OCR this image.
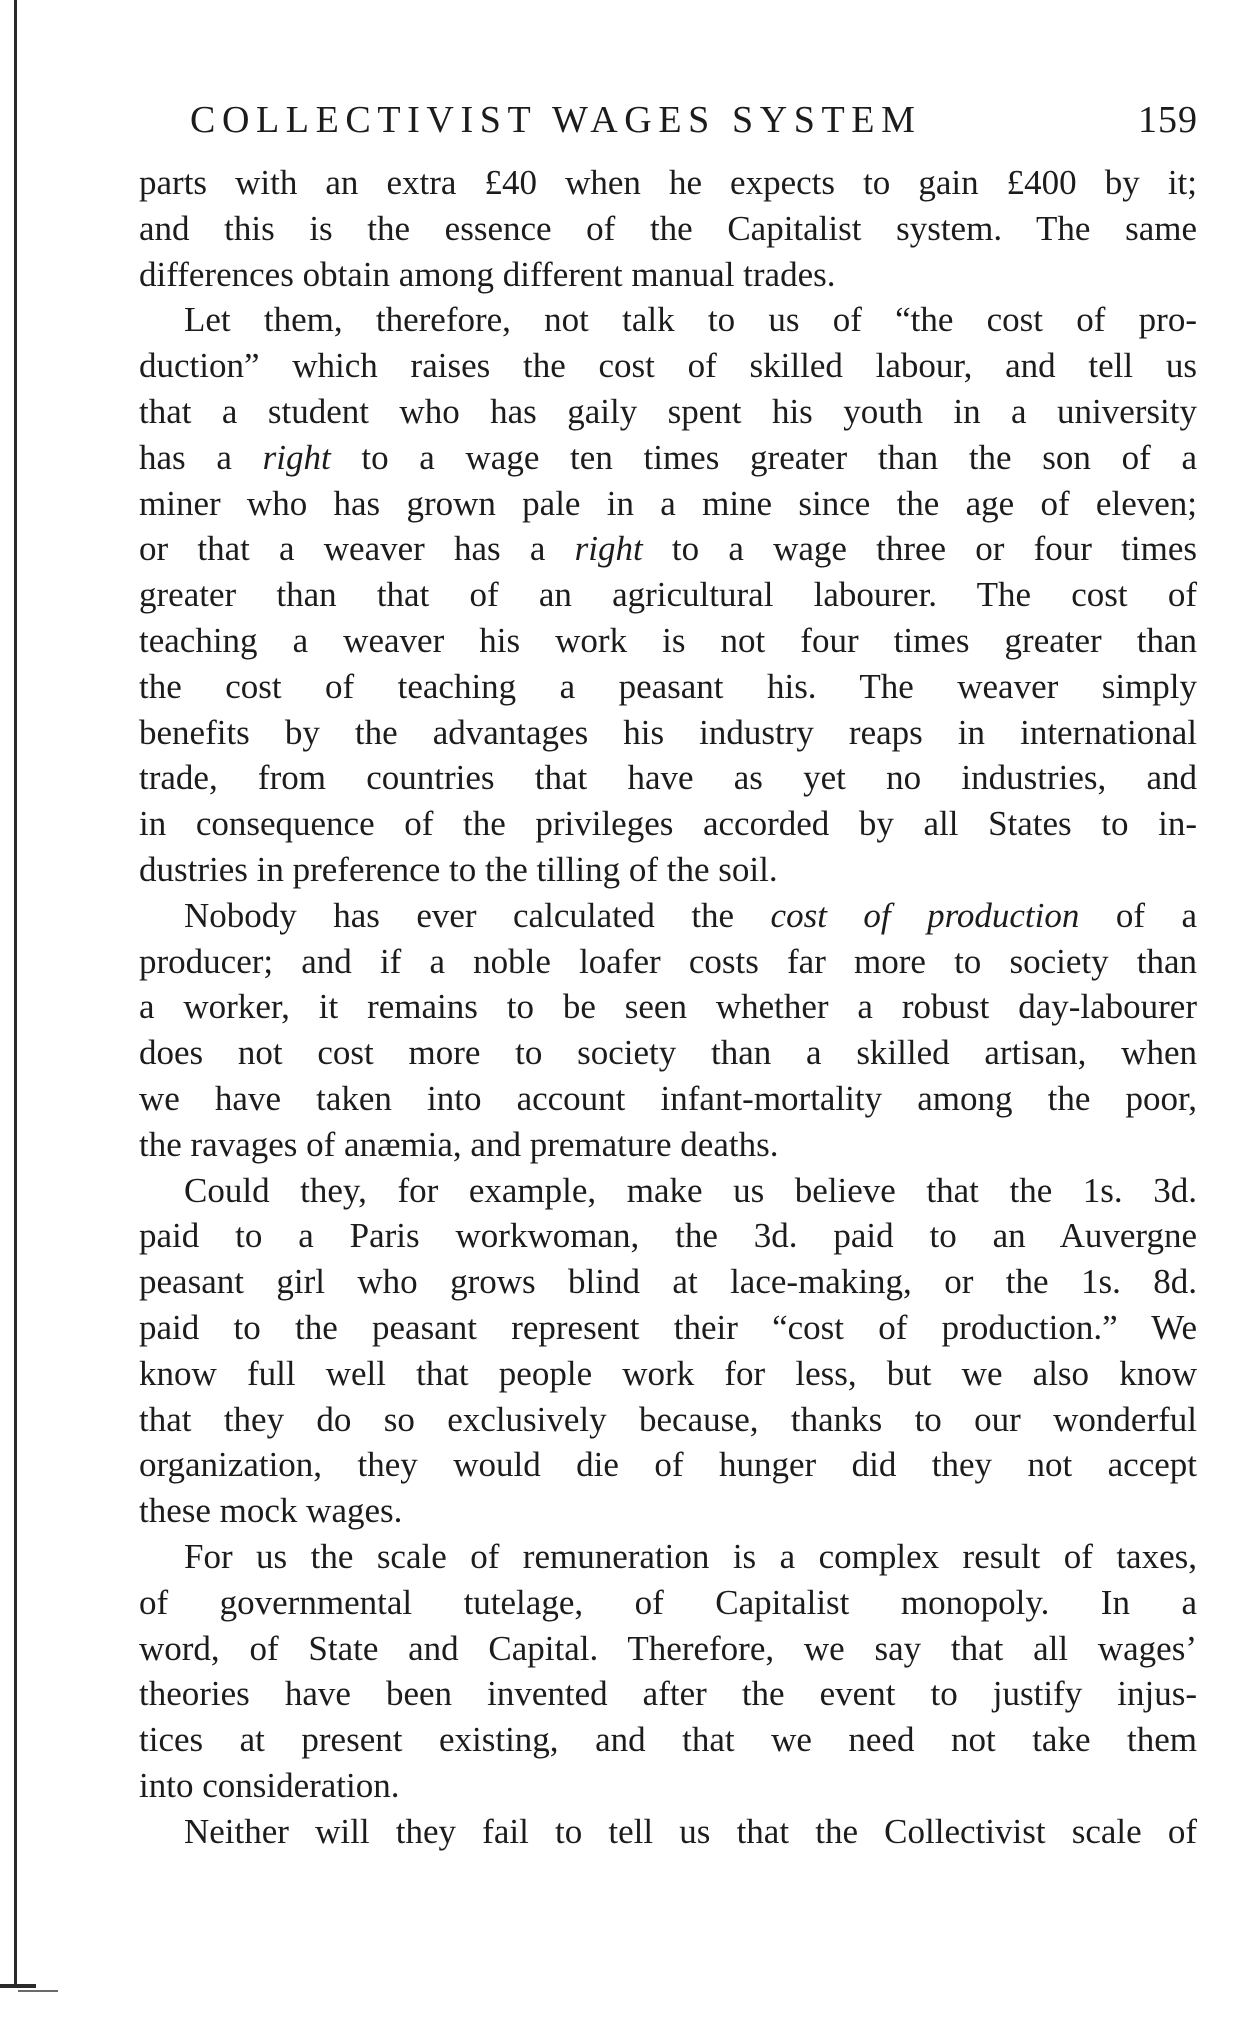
COLLECTIVIST WAGES SYSTEM	159
parts with an extra £40 when he expects to gain £400 by it;
and this is the essence of the Capitalist system. The same
differences obtain among different manual trades.
Let them, therefore, not talk to us of “the cost of pro-
duction” which raises the cost of skilled labour, and tell us
that a student who has gaily spent his youth in a university
has a right to a wage ten times greater than the son of a
miner who has grown pale in a mine since the age of eleven;
or that a weaver has a right to a wage three or four times
greater than that of an agricultural labourer. The cost of
teaching a weaver his work is not four times greater than
the cost of teaching a peasant his. The weaver simply
benefits by the advantages his industry reaps in international
trade, from countries that have as yet no industries, and
in consequence of the privileges accorded by all States to in-
dustries in preference to the tilling of the soil.
Nobody has ever calculated the cost of production of a
producer; and if a noble loafer costs far more to society than
a worker, it remains to be seen whether a robust day-labourer
does not cost more to society than a skilled artisan, when
we have taken into account infant-mortality among the poor,
the ravages of anæmia, and premature deaths.
Could they, for example, make us believe that the 1s. 3d.
paid to a Paris workwoman, the 3d. paid to an Auvergne
peasant girl who grows blind at lace-making, or the 1s. 8d.
paid to the peasant represent their “cost of production.” We
know full well that people work for less, but we also know
that they do so exclusively because, thanks to our wonderful
organization, they would die of hunger did they not accept
these mock wages.
For us the scale of remuneration is a complex result of taxes,
of governmental tutelage, of Capitalist monopoly. In a
word, of State and Capital. Therefore, we say that all wages’
theories have been invented after the event to justify injus-
tices at present existing, and that we need not take them
into consideration.
Neither will they fail to tell us that the Collectivist scale of
